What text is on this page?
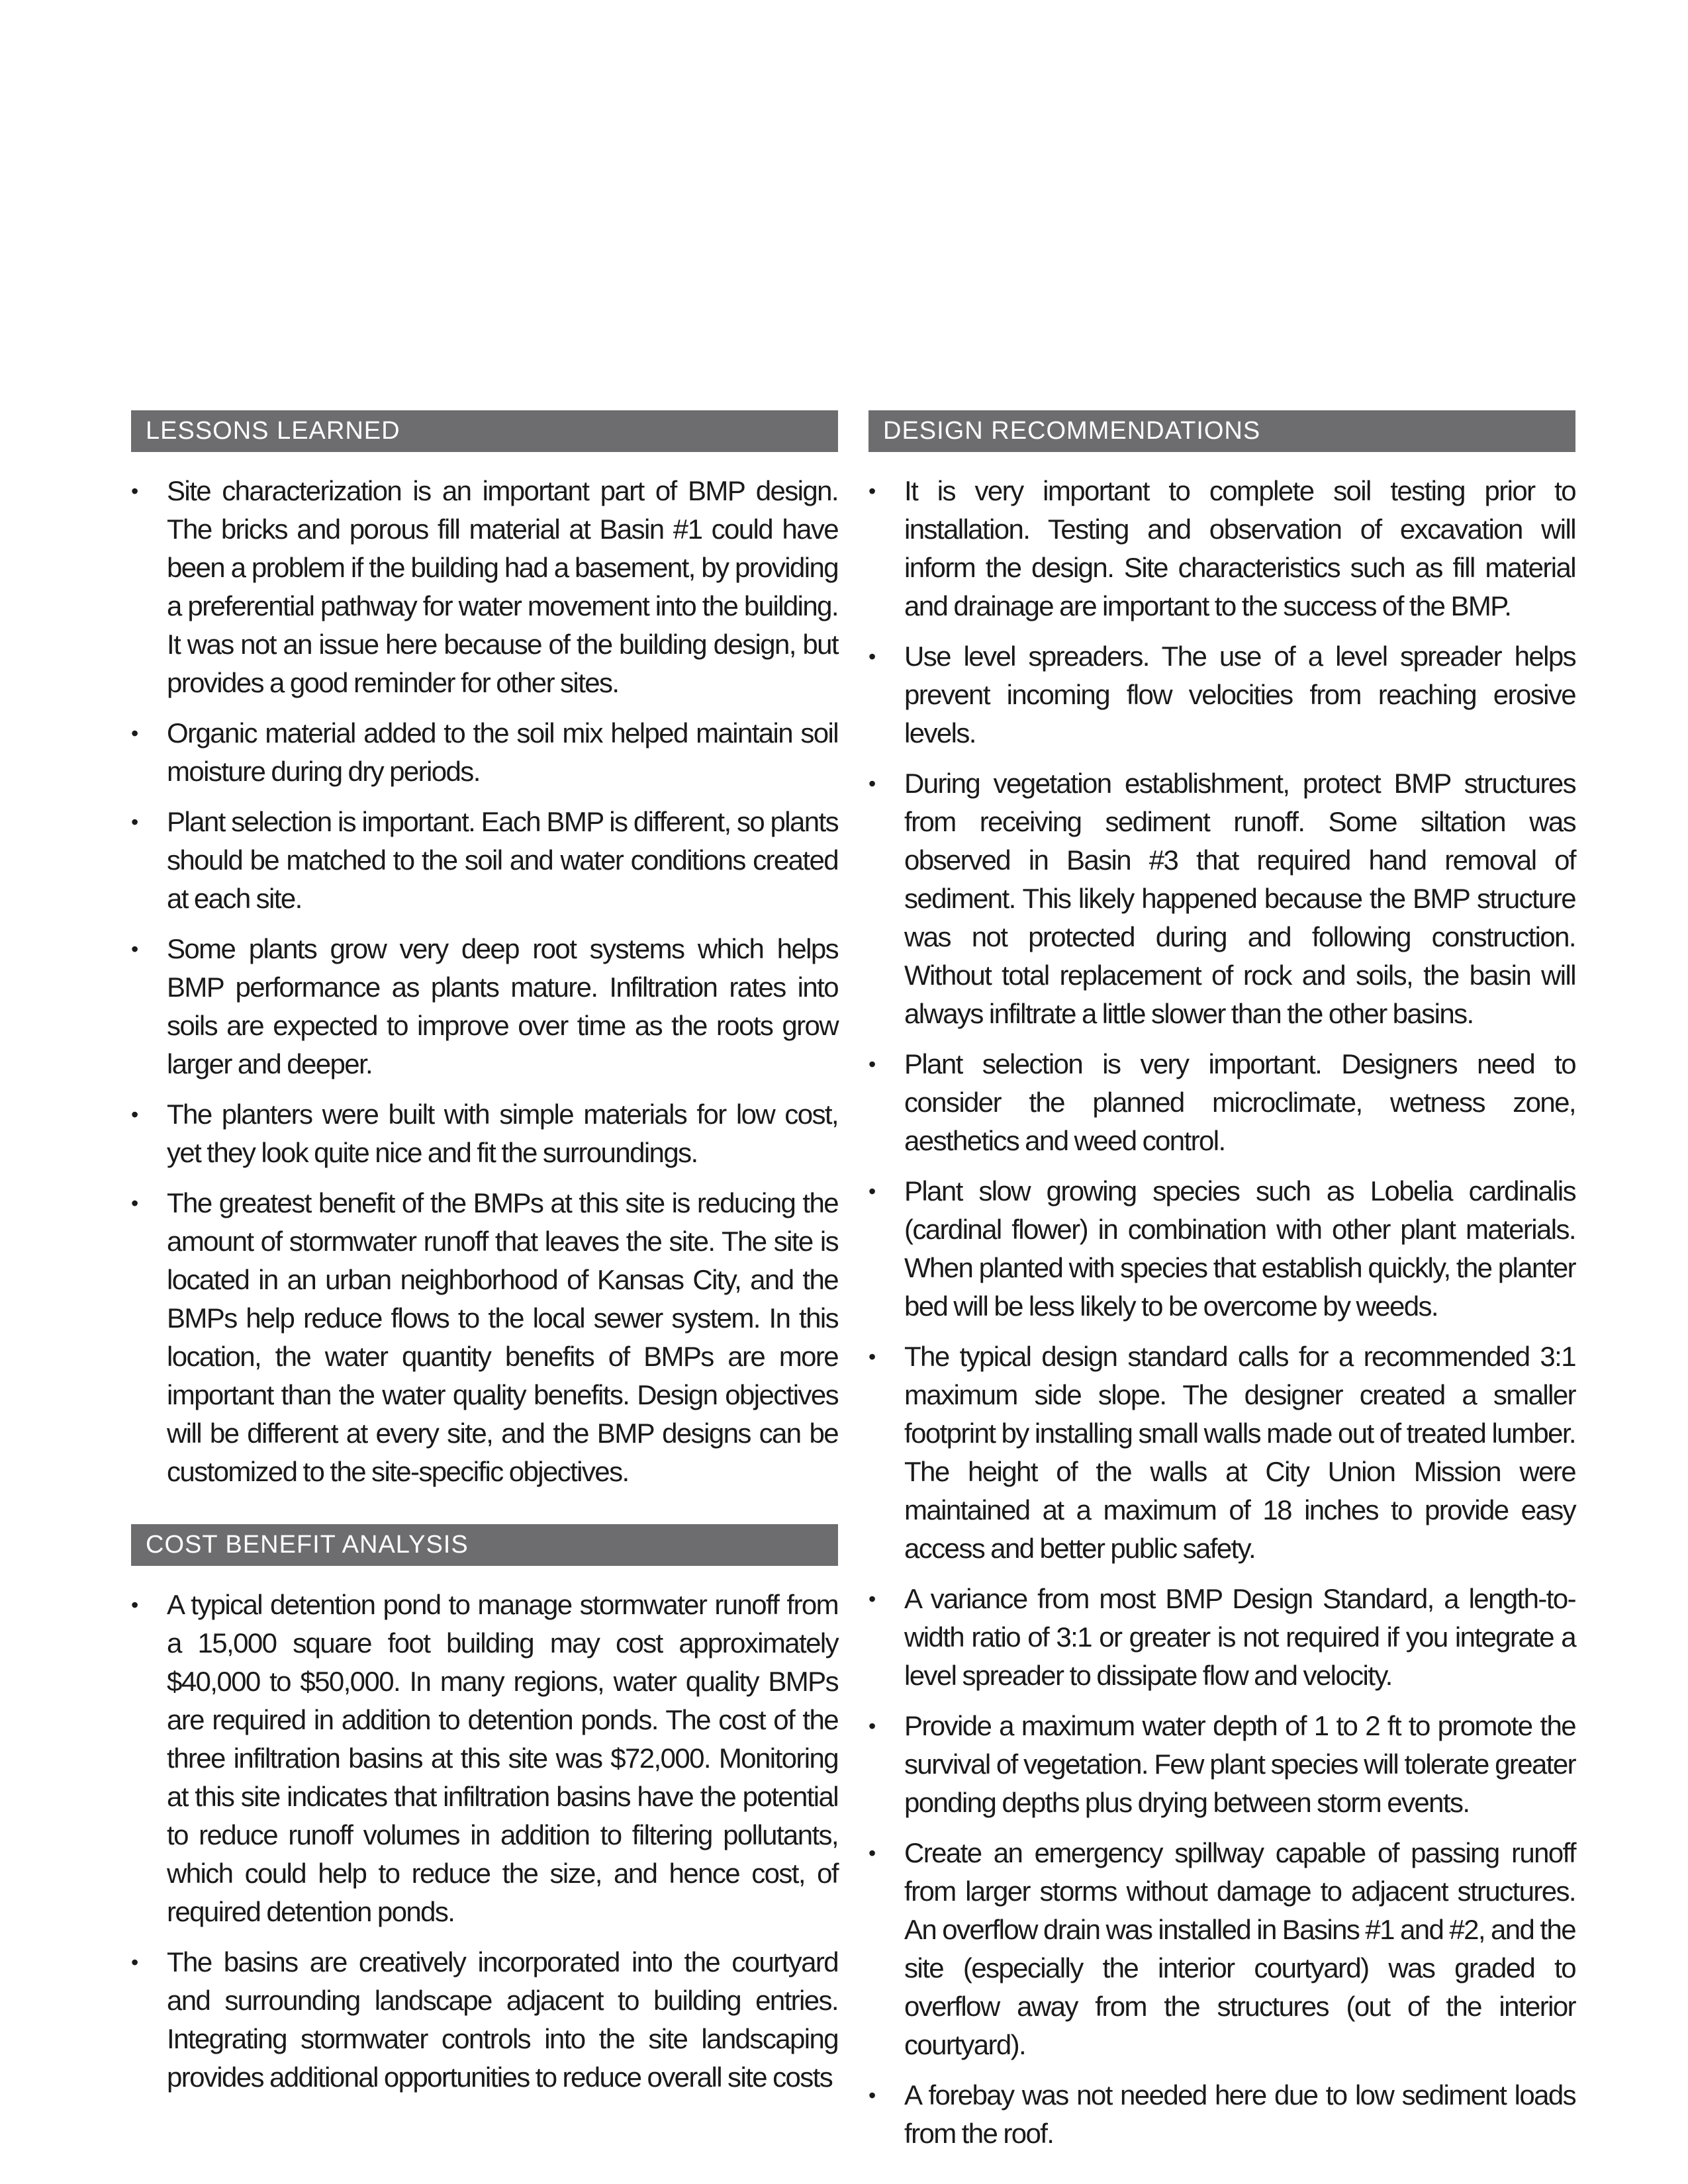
LESSONS LEARNED
• Site characterization is an important part of BMP design. The bricks and porous fill material at Basin #1 could have been a problem if the building had a basement, by providing a preferential pathway for water movement into the building. It was not an issue here because of the building design, but provides a good reminder for other sites.
• Organic material added to the soil mix helped maintain soil moisture during dry periods.
• Plant selection is important. Each BMP is different, so plants should be matched to the soil and water conditions created at each site.
• Some plants grow very deep root systems which helps BMP performance as plants mature. Infiltration rates into soils are expected to improve over time as the roots grow larger and deeper.
• The planters were built with simple materials for low cost, yet they look quite nice and fit the surroundings.
• The greatest benefit of the BMPs at this site is reducing the amount of stormwater runoff that leaves the site. The site is located in an urban neighborhood of Kansas City, and the BMPs help reduce flows to the local sewer system. In this location, the water quantity benefits of BMPs are more important than the water quality benefits. Design objectives will be different at every site, and the BMP designs can be customized to the site-specific objectives.
COST BENEFIT ANALYSIS
• A typical detention pond to manage stormwater runoff from a 15,000 square foot building may cost approximately $40,000 to $50,000. In many regions, water quality BMPs are required in addition to detention ponds. The cost of the three infiltration basins at this site was $72,000. Monitoring at this site indicates that infiltration basins have the potential to reduce runoff volumes in addition to filtering pollutants, which could help to reduce the size, and hence cost, of required detention ponds.
• The basins are creatively incorporated into the courtyard and surrounding landscape adjacent to building entries. Integrating stormwater controls into the site landscaping provides additional opportunities to reduce overall site costs
DESIGN RECOMMENDATIONS
• It is very important to complete soil testing prior to installation. Testing and observation of excavation will inform the design. Site characteristics such as fill material and drainage are important to the success of the BMP.
• Use level spreaders. The use of a level spreader helps prevent incoming flow velocities from reaching erosive levels.
• During vegetation establishment, protect BMP structures from receiving sediment runoff. Some siltation was observed in Basin #3 that required hand removal of sediment. This likely happened because the BMP structure was not protected during and following construction. Without total replacement of rock and soils, the basin will always infiltrate a little slower than the other basins.
• Plant selection is very important. Designers need to consider the planned microclimate, wetness zone, aesthetics and weed control.
• Plant slow growing species such as Lobelia cardinalis (cardinal flower) in combination with other plant materials. When planted with species that establish quickly, the planter bed will be less likely to be overcome by weeds.
• The typical design standard calls for a recommended 3:1 maximum side slope. The designer created a smaller footprint by installing small walls made out of treated lumber. The height of the walls at City Union Mission were maintained at a maximum of 18 inches to provide easy access and better public safety.
• A variance from most BMP Design Standard, a length-to-width ratio of 3:1 or greater is not required if you integrate a level spreader to dissipate flow and velocity.
• Provide a maximum water depth of 1 to 2 ft to promote the survival of vegetation. Few plant species will tolerate greater ponding depths plus drying between storm events.
• Create an emergency spillway capable of passing runoff from larger storms without damage to adjacent structures. An overflow drain was installed in Basins #1 and #2, and the site (especially the interior courtyard) was graded to overflow away from the structures (out of the interior courtyard).
• A forebay was not needed here due to low sediment loads from the roof.
